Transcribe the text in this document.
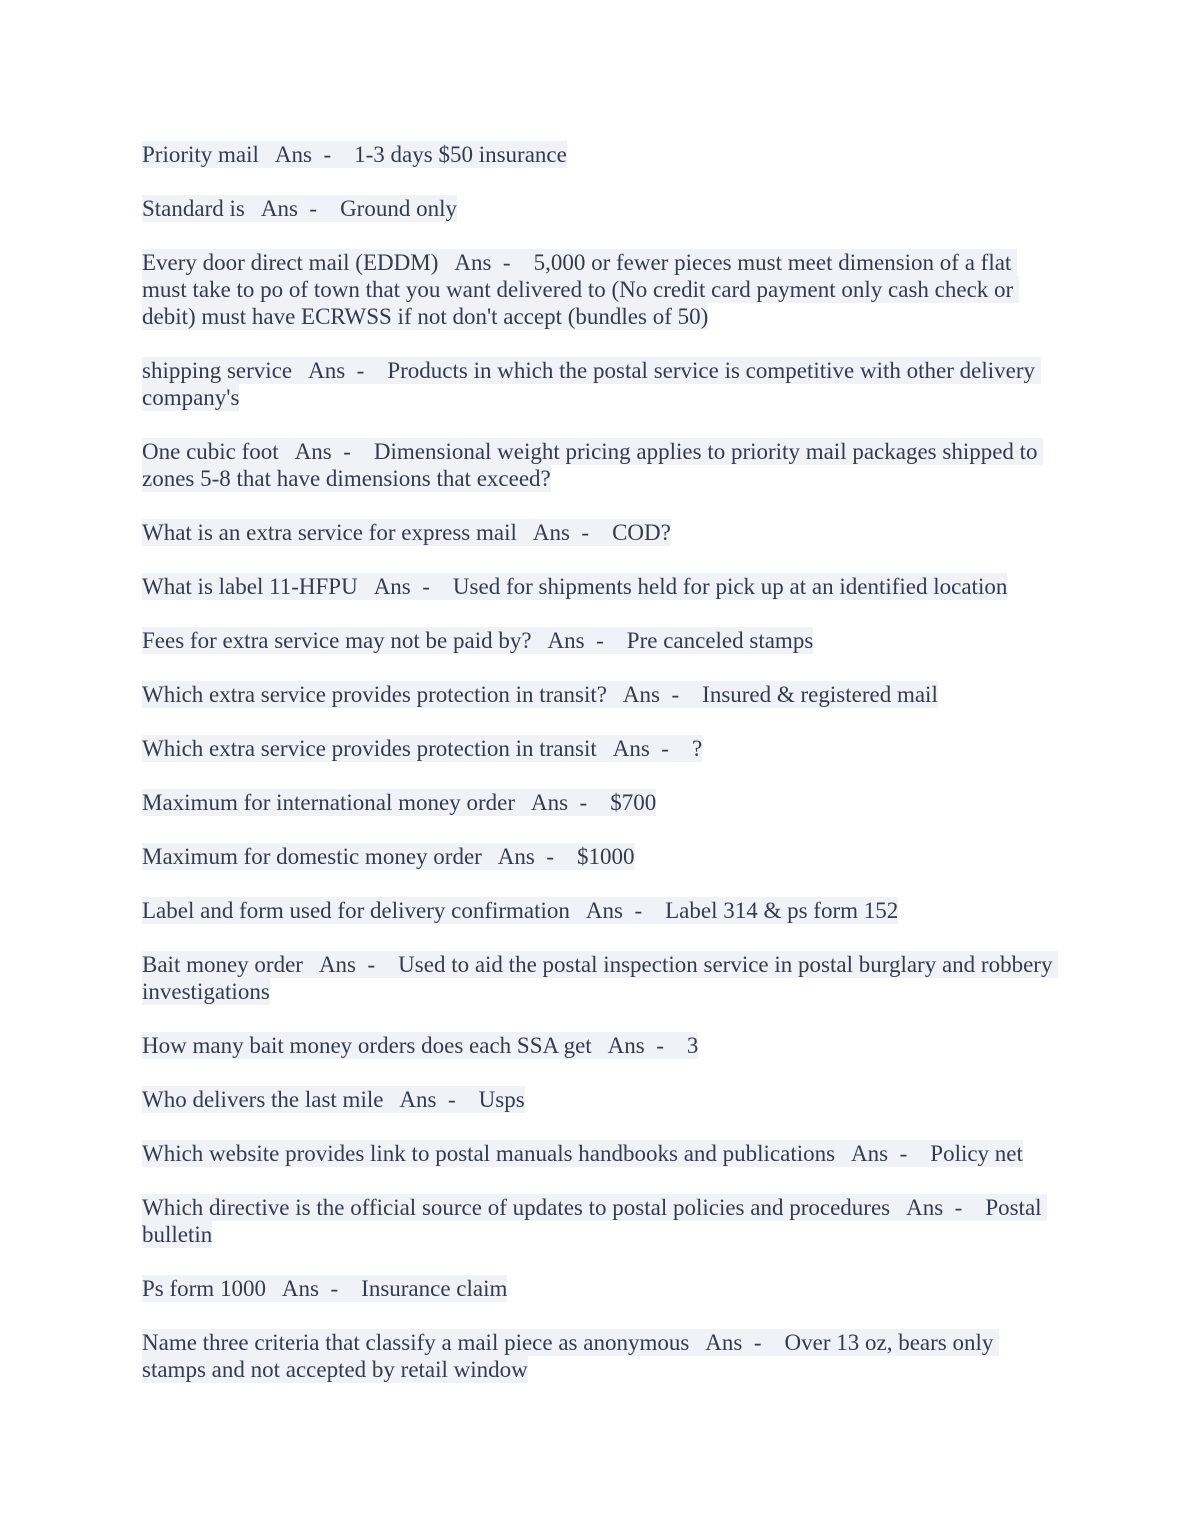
Priority mail   Ans  -    1-3 days $50 insurance

Standard is   Ans  -    Ground only

Every door direct mail (EDDM)   Ans  -    5,000 or fewer pieces must meet dimension of a flat must take to po of town that you want delivered to (No credit card payment only cash check or debit) must have ECRWSS if not don't accept (bundles of 50)

shipping service   Ans  -    Products in which the postal service is competitive with other delivery company's

One cubic foot   Ans  -    Dimensional weight pricing applies to priority mail packages shipped to zones 5-8 that have dimensions that exceed?

What is an extra service for express mail   Ans  -    COD?

What is label 11-HFPU   Ans  -    Used for shipments held for pick up at an identified location

Fees for extra service may not be paid by?   Ans  -    Pre canceled stamps

Which extra service provides protection in transit?   Ans  -    Insured & registered mail

Which extra service provides protection in transit   Ans  -    ?

Maximum for international money order   Ans  -    $700

Maximum for domestic money order   Ans  -    $1000

Label and form used for delivery confirmation   Ans  -    Label 314 & ps form 152

Bait money order   Ans  -    Used to aid the postal inspection service in postal burglary and robbery investigations

How many bait money orders does each SSA get   Ans  -    3

Who delivers the last mile   Ans  -    Usps

Which website provides link to postal manuals handbooks and publications   Ans  -    Policy net

Which directive is the official source of updates to postal policies and procedures   Ans  -    Postal bulletin

Ps form 1000   Ans  -    Insurance claim

Name three criteria that classify a mail piece as anonymous   Ans  -    Over 13 oz, bears only stamps and not accepted by retail window
